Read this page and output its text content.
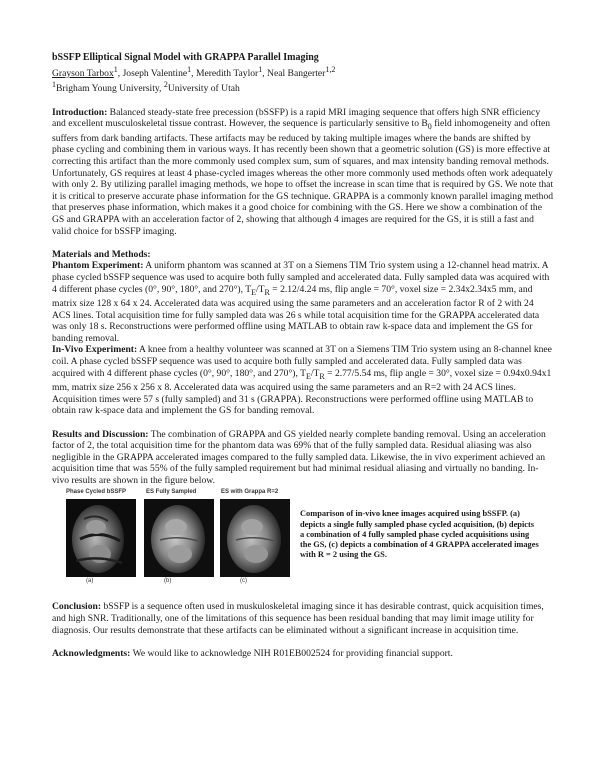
bSSFP Elliptical Signal Model with GRAPPA Parallel Imaging
Grayson Tarbox$^1$, Joseph Valentine$^1$, Meredith Taylor$^1$, Neal Bangerter$^{1,2}$
$^1$Brigham Young University, $^2$University of Utah

Introduction: Balanced steady-state free precession (bSSFP) is a rapid MRI imaging sequence that offers high SNR efficiency and excellent musculoskeletal tissue contrast. However, the sequence is particularly sensitive to $B_0$ field inhomogeneity and often suffers from dark banding artifacts. These artifacts may be reduced by taking multiple images where the bands are shifted by phase cycling and combining them in various ways. It has recently been shown that a geometric solution (GS) is more effective at correcting this artifact than the more commonly used complex sum, sum of squares, and max intensity banding removal methods. Unfortunately, GS requires at least 4 phase-cycled images whereas the other more commonly used methods often work adequately with only 2. By utilizing parallel imaging methods, we hope to offset the increase in scan time that is required by GS. We note that it is critical to preserve accurate phase information for the GS technique. GRAPPA is a commonly known parallel imaging method that preserves phase information, which makes it a good choice for combining with the GS. Here we show a combination of the GS and GRAPPA with an acceleration factor of 2, showing that although 4 images are required for the GS, it is still a fast and valid choice for bSSFP imaging.

Materials and Methods:

Phantom Experiment: A uniform phantom was scanned at 3T on a Siemens TIM Trio system using a 12-channel head matrix. A phase cycled bSSFP sequence was used to acquire both fully sampled and accelerated data. Fully sampled data was acquired with 4 different phase cycles (0°, 90°, 180°, and 270°), $T_E/T_R = 2.12/4.24$ ms, flip angle = 70°, voxel size = 2.34x2.34x5 mm, and matrix size 128 x 64 x 24. Accelerated data was acquired using the same parameters and an acceleration factor R of 2 with 24 ACS lines. Total acquisition time for fully sampled data was 26 s while total acquisition time for the GRAPPA accelerated data was only 18 s. Reconstructions were performed offline using MATLAB to obtain raw k-space data and implement the GS for banding removal.

In-Vivo Experiment: A knee from a healthy volunteer was scanned at 3T on a Siemens TIM Trio system using an 8-channel knee coil. A phase cycled bSSFP sequence was used to acquire both fully sampled and accelerated data. Fully sampled data was acquired with 4 different phase cycles (0°, 90°, 180°, and 270°), $T_E/T_R = 2.77/5.54$ ms, flip angle = 30°, voxel size = 0.94x0.94x1 mm, matrix size 256 x 256 x 8. Accelerated data was acquired using the same parameters and an R=2 with 24 ACS lines. Acquisition times were 57 s (fully sampled) and 31 s (GRAPPA). Reconstructions were performed offline using MATLAB to obtain raw k-space data and implement the GS for banding removal.

Results and Discussion: The combination of GRAPPA and GS yielded nearly complete banding removal. Using an acceleration factor of 2, the total acquisition time for the phantom data was 69% that of the fully sampled data. Residual aliasing was also negligible in the GRAPPA accelerated images compared to the fully sampled data. Likewise, the in vivo experiment achieved an acquisition time that was 55% of the fully sampled requirement but had minimal residual aliasing and virtually no banding. In-vivo results are shown in the figure below.

Phase Cycled bSSFP	ES Fully Sampled	ES with Grappa R=2
(a)	(b)	(c)
Comparison of in-vivo knee images acquired using bSSFP. (a) depicts a single fully sampled phase cycled acquisition, (b) depicts a combination of 4 fully sampled phase cycled acquisitions using the GS, (c) depicts a combination of 4 GRAPPA accelerated images with R = 2 using the GS.

Conclusion: bSSFP is a sequence often used in muskuloskeletal imaging since it has desirable contrast, quick acquisition times, and high SNR. Traditionally, one of the limitations of this sequence has been residual banding that may limit image utility for diagnosis. Our results demonstrate that these artifacts can be eliminated without a significant increase in acquisition time.

Acknowledgments: We would like to acknowledge NIH R01EB002524 for providing financial support.
